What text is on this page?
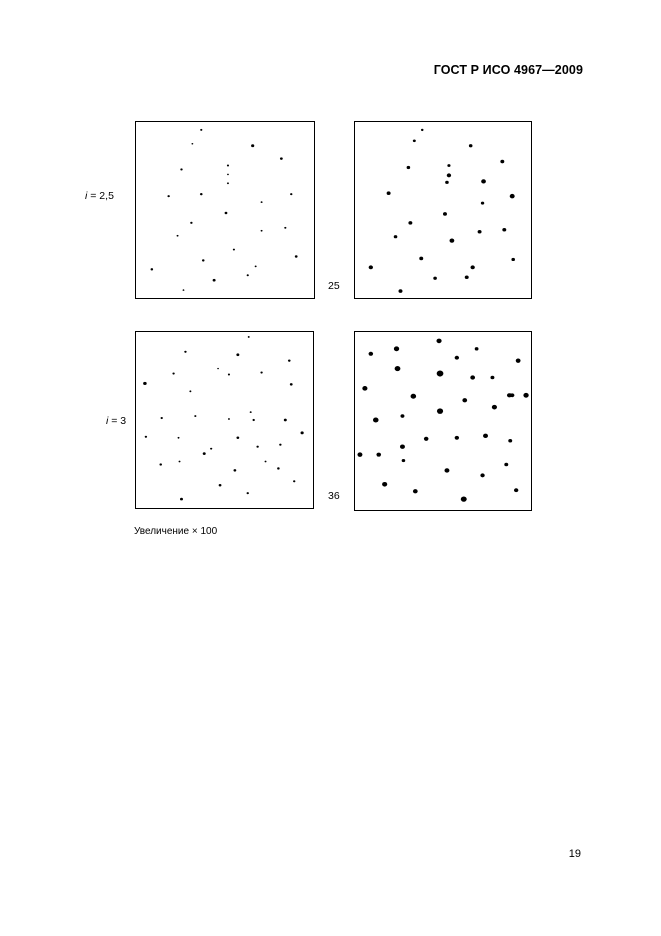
ГОСТ Р ИСО 4967—2009
i = 2,5
25
i = 3
36
Увеличение × 100
19
